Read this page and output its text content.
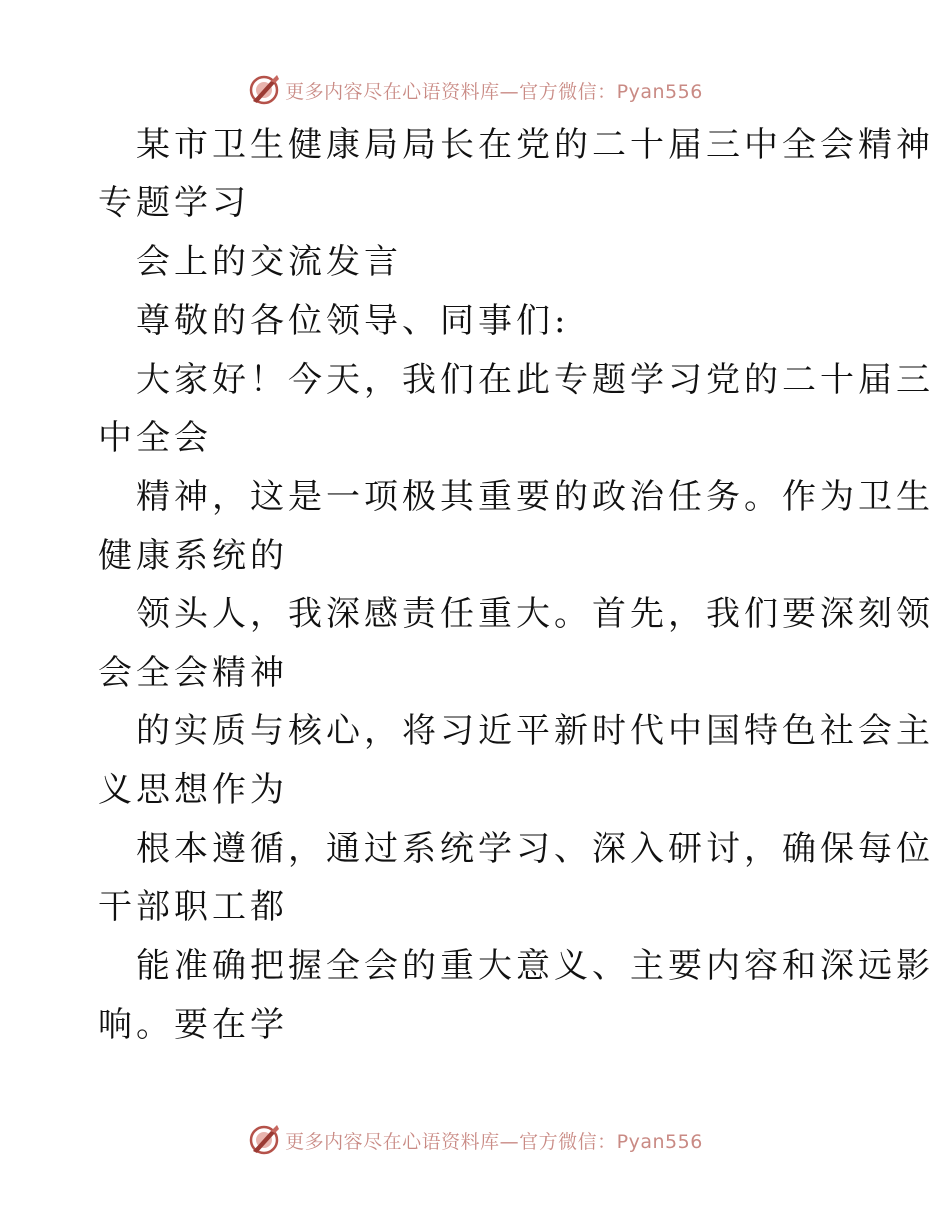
更多内容尽在心语资料库—官方微信：Pyan556
某市卫生健康局局长在党的二十届三中全会精神
专题学习
会上的交流发言
尊敬的各位领导、同事们:
大家好！今天，我们在此专题学习党的二十届三
中全会
精神，这是一项极其重要的政治任务。作为卫生
健康系统的
领头人，我深感责任重大。首先，我们要深刻领
会全会精神
的实质与核心，将习近平新时代中国特色社会主
义思想作为
根本遵循，通过系统学习、深入研讨，确保每位
干部职工都
能准确把握全会的重大意义、主要内容和深远影
响。要在学
更多内容尽在心语资料库—官方微信：Pyan556
